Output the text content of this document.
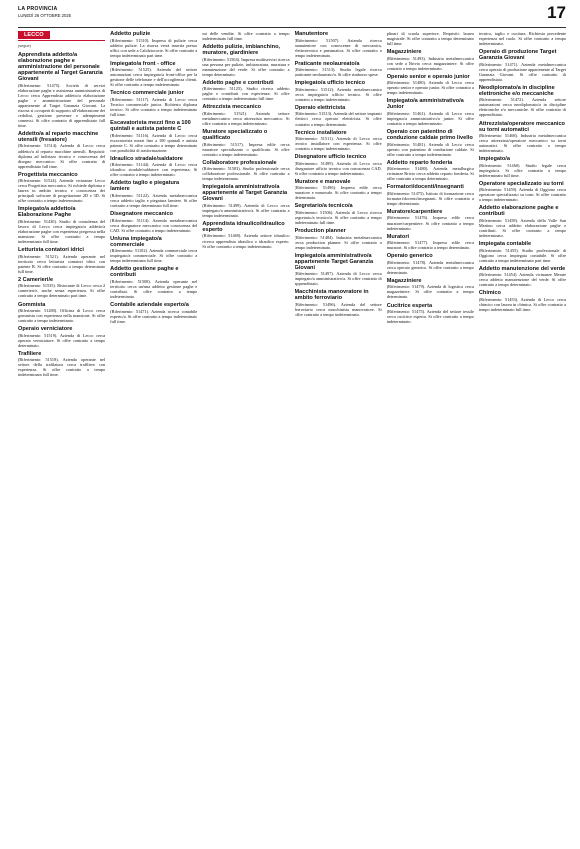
LA PROVINCIA
LUNEDÌ 26 OTTOBRE 2025	17
LECCO
(segue)
Apprendista addetto/a elaborazione paghe e amministrazione del personale appartenente al Target Garanzia Giovani

(Riferimento: 51475). Società di servizi elaborazione paghe e assistenza amministrativa di Lecco cerca Apprendista addetto/a elaborazione paghe e amministrazione del personale appartenente al Target Garanzia Giovani. La risorsa si occuperà di supporto all'elaborazione dei cedolini, gestione presenze e adempimenti connessi. Si offre contratto di apprendistato full time.

Addetto/a al reparto macchine utensili (fresatore)

(Riferimento: 51514). Azienda di Lecco cerca addetto/a al reparto macchine utensili. Requisiti: diploma ad indirizzo tecnico e conoscenza del disegno meccanico. Si offre contratto di apprendistato full time.

Progettista meccanico

(Riferimento: 51524). Azienda vicinanze Lecco cerca Progettista meccanico. Si richiede diploma o laurea in ambito tecnico e conoscenza dei principali software di progettazione 2D e 3D. Si offre contratto a tempo indeterminato.

Impiegato/a addetto/a Elaborazione Paghe

(Riferimento: 51430). Studio di consulenza del lavoro di Lecco cerca impiegato/a addetto/a elaborazione paghe con esperienza pregressa nella mansione. Si offre contratto a tempo indeterminato full time.

Letturista contatori idrici

(Riferimento: 51521). Azienda operante nel territorio cerca letturista contatori idrici con patente B. Si offre contratto a tempo determinato full time.

2 Camerieri/e

(Riferimento: 51535). Ristorante di Lecco cerca 2 camerieri/e, anche senza esperienza. Si offre contratto a tempo determinato part time.

Gommista

(Riferimento: 51280). Officina di Lecco cerca gommista con esperienza nella mansione. Si offre contratto a tempo indeterminato.

Operaio verniciatore

(Riferimento: 51519). Azienda di Lecco cerca operaio verniciatore. Si offre contratto a tempo determinato.

Trafiliere

(Riferimento: 51518). Azienda operante nel settore della trafilatura cerca trafiliere con esperienza. Si offre contratto a tempo indeterminato full time.

Addetto pulizie

(Riferimento: 51510). Impresa di pulizie cerca addetto pulizie. La risorsa verrà inserita presso uffici con sede a Calolziocorte. Si offre contratto a tempo indeterminato part time.

Impiegato/a front - office

(Riferimento: 51525). Azienda del settore automazioni cerca impiegato/a front-office per la gestione delle telefonate e dell'accoglienza clienti. Si offre contratto a tempo indeterminato.

Tecnico commerciale junior

(Riferimento: 51117). Azienda di Lecco cerca Tecnico commerciale junior. Richiesto diploma tecnico. Si offre contratto a tempo indeterminato full time.

Escavatorista mezzi fino a 100 quintali e autista patente C

(Riferimento: 51116). Azienda di Lecco cerca escavatorista mezzi fino a 100 quintali e autista patente C. Si offre contratto a tempo determinato con possibilità di trasformazione.

Idraulico stradale/saldatore

(Riferimento: 51144). Azienda di Lecco cerca idraulico stradale/saldatore con esperienza. Si offre contratto a tempo indeterminato.

Addetto taglio e piegatura lamiere

(Riferimento: 51122). Azienda metalmeccanica cerca addetto taglio e piegatura lamiere. Si offre contratto a tempo determinato full time.

Disegnatore meccanico

(Riferimento: 51114). Azienda metalmeccanica cerca disegnatore meccanico con conoscenza del CAD. Si offre contratto a tempo indeterminato.

Un/una impiegato/a commerciale

(Riferimento: 51102). Azienda commerciale cerca impiegato/a commerciale. Si offre contratto a tempo indeterminato full time.

Addetto gestione paghe e contributi

(Riferimento: 51508). Azienda operante nel territorio cerca un/una addetto gestione paghe e contributi. Si offre contratto a tempo indeterminato.

Contabile aziendale esperto/a

(Riferimento: 51471). Azienda ricerca contabile esperto/a. Si offre contratto a tempo indeterminato full time.

mi delle vendite. Si offre contratto a tempo indeterminato full time.

Addetto pulizie, imbianchino, muratore, giardiniere

(Riferimento: 51504). Impresa multiservizi ricerca una persona per pulizie, imbiancatura, muratura e manutenzione del verde. Si offre contratto a tempo determinato.

Addetto paghe e contributi

(Riferimento: 51125). Studio ricerca addetto paghe e contributi con esperienza. Si offre contratto a tempo indeterminato full time.

Attrezzista meccanico

(Riferimento: 51521). Azienda settore metalmeccanico cerca attrezzista meccanico. Si offre contratto a tempo indeterminato.

Muratore specializzato o qualificato

(Riferimento: 51517). Impresa edile cerca muratore specializzato o qualificato. Si offre contratto a tempo indeterminato.

Collaboratore professionale

(Riferimento: 51503). Studio professionale cerca collaboratore professionale. Si offre contratto a tempo indeterminato.

Impiegato/a amministrativo/a appartenente al Target Garanzia Giovani

(Riferimento: 51499). Azienda di Lecco cerca impiegato/a amministrativo/a. Si offre contratto a tempo indeterminato.

Apprendista idraulico/idraulico esperto

(Riferimento: 51469). Azienda settore idraulico ricerca apprendista idraulico o idraulico esperto. Si offre contratto a tempo indeterminato.

Manutentore

(Riferimento: 51507). Azienda ricerca manutentore con conoscenze di meccanica, elettrotecnica e pneumatica. Si offre contratto a tempo indeterminato.

Praticante neolaureato/a

(Riferimento: 51513). Studio legale ricerca praticante neolaureato/a. Si offre rimborso spese.

Impiegato/a ufficio tecnico

(Riferimento: 51512). Azienda metalmeccanica cerca impiegato/a ufficio tecnico. Si offre contratto a tempo indeterminato.

Operaio elettricista

(Riferimento: 51513). Azienda del settore impianti elettrici cerca operaio elettricista. Si offre contratto a tempo determinato.

Tecnico installatore

(Riferimento: 51511). Azienda di Lecco cerca tecnico installatore con esperienza. Si offre contratto a tempo indeterminato.

Disegnatore ufficio tecnico

(Riferimento: 51499). Azienda di Lecco cerca disegnatore ufficio tecnico con conoscenza CAD. Si offre contratto a tempo indeterminato.

Muratore e manovale

(Riferimento: 51496). Impresa edile cerca muratore e manovale. Si offre contratto a tempo determinato.

Segretario/a tecnico/a

(Riferimento: 51506). Azienda di Lecco ricerca segretario/a tecnico/a. Si offre contratto a tempo indeterminato full time.

Production planner

(Riferimento: 51484). Industria metalmeccanica cerca production planner. Si offre contratto a tempo indeterminato.

Impiegato/a amministrativo/a appartenente Target Garanzia Giovani

(Riferimento: 51497). Azienda di Lecco cerca impiegato/a amministrativo/a. Si offre contratto di apprendistato.

Macchinista manovratore in ambito ferroviario

(Riferimento: 51496). Azienda del settore ferroviario cerca macchinista manovratore. Si offre contratto a tempo indeterminato.

plinari di scuola superiore. Requisiti: laurea magistrale. Si offre contratto a tempo determinato full time.

Magazziniere

(Riferimento: 51493). Industria metalmeccanica con sede a Brivio cerca magazziniere. Si offre contratto a tempo indeterminato.

Operaio senior e operaio junior

(Riferimento: 51480). Azienda di Lecco cerca operaio senior e operaio junior. Si offre contratto a tempo indeterminato.

Impiegato/a amministrativo/a Junior

(Riferimento: 51461). Azienda di Lecco cerca impiegato/a amministrativo/a junior. Si offre contratto a tempo indeterminato.

Operaio con patentino di conduzione caldaie primo livello

(Riferimento: 51481). Azienda di Lecco cerca operaio con patentino di conduzione caldaie. Si offre contratto a tempo indeterminato.

Addetto reparto fonderia

(Riferimento: 51480). Azienda metallurgica vicinanze Brivio cerca addetto reparto fonderia. Si offre contratto a tempo determinato.

Formatori/docenti/insegnanti

(Riferimento: 51475). Istituto di formazione cerca formatori/docenti/insegnanti. Si offre contratto a tempo determinato.

Muratore/carpentiere

(Riferimento: 51476). Impresa edile cerca muratore/carpentiere. Si offre contratto a tempo indeterminato.

Muratori

(Riferimento: 51477). Impresa edile cerca muratori. Si offre contratto a tempo determinato.

Operaio generico

(Riferimento: 51478). Azienda metalmeccanica cerca operaio generico. Si offre contratto a tempo determinato.

Magazziniere

(Riferimento: 51479). Azienda di logistica cerca magazziniere. Si offre contratto a tempo determinato.

Cucitrice esperta

(Riferimento: 51475). Azienda del settore tessile cerca cucitrice esperta. Si offre contratto a tempo indeterminato.

tecnico, taglio e cucitura. Richiesta precedente esperienza nel ruolo. Si offre contratto a tempo indeterminato.

Operaio di produzione Target Garanzia Giovani

(Riferimento: 51471). Azienda metalmeccanica cerca operaio di produzione appartenente al Target Garanzia Giovani. Si offre contratto di apprendistato.

Neodiplomato/a in discipline elettroniche e/o meccaniche

(Riferimento: 51472). Azienda settore automazioni cerca neodiplomato/a in discipline elettroniche e/o meccaniche. Si offre contratto di apprendistato.

Attrezzista/operatore meccanico su torni automatici

(Riferimento: 51468). Industria metalmeccanica cerca attrezzista/operatore meccanico su torni automatici. Si offre contratto a tempo indeterminato.

Impiegato/a

(Riferimento: 51460). Studio legale cerca impiegato/a. Si offre contratto a tempo indeterminato full time.

Operatore specializzato su torni

(Riferimento: 51459). Azienda di Oggiono cerca operatore specializzato su torni. Si offre contratto a tempo indeterminato.

Addetto elaborazione paghe e contributi

(Riferimento: 51458). Azienda della Valle San Martino cerca addetto elaborazione paghe e contributi. Si offre contratto a tempo indeterminato.

Impiegata contabile

(Riferimento: 51455). Studio professionale di Oggiono cerca impiegata contabile. Si offre contratto a tempo indeterminato part time.

Addetto manutenzione del verde

(Riferimento: 51454). Azienda vicinanze Merate cerca addetto manutenzione del verde. Si offre contratto a tempo determinato.

Chimico

(Riferimento: 51453). Azienda di Lecco cerca chimico con laurea in chimica. Si offre contratto a tempo indeterminato full time.
